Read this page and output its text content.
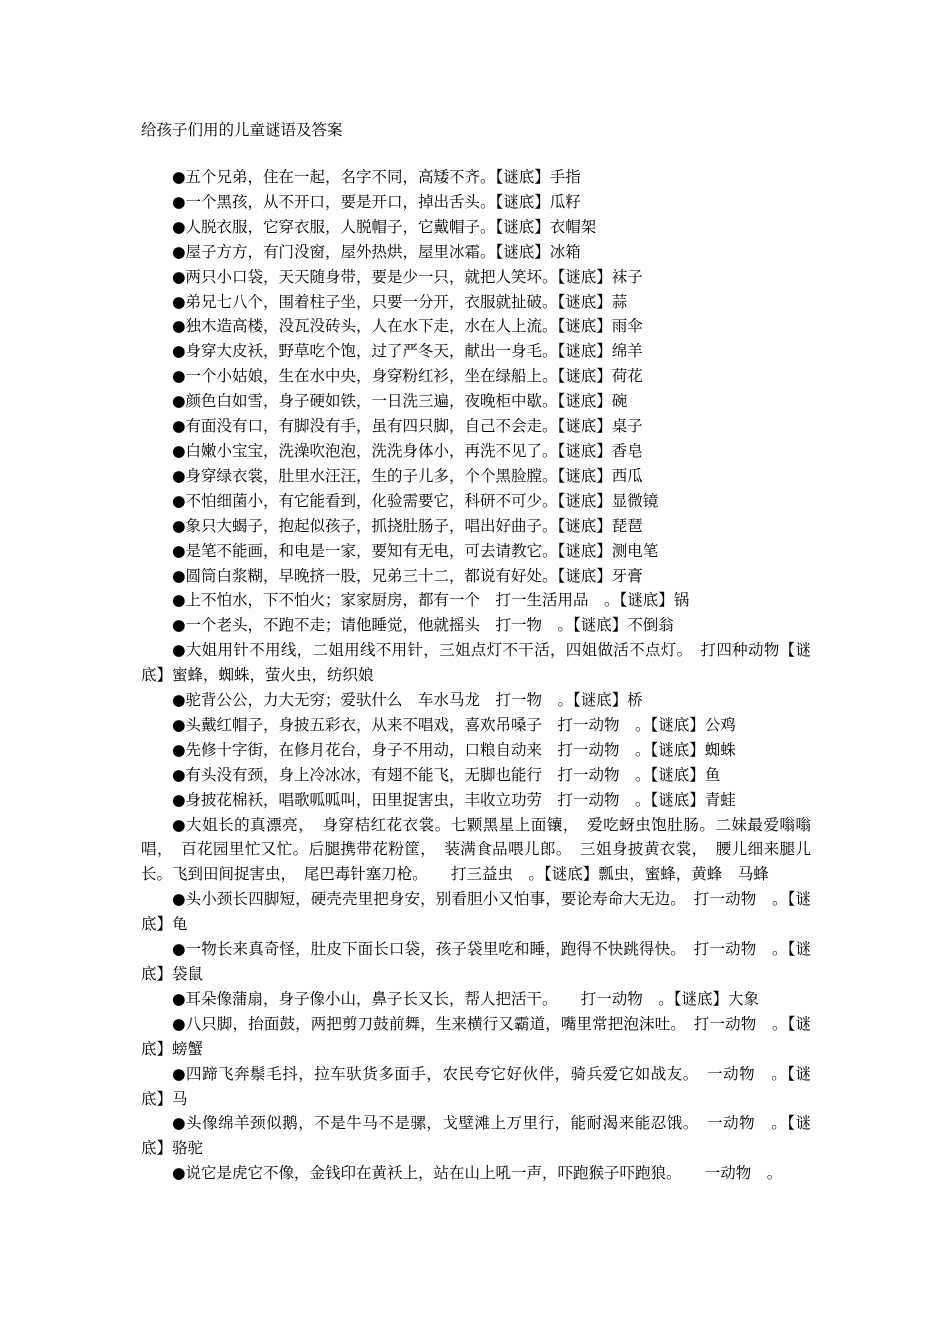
给孩子们用的儿童谜语及答案

●五个兄弟，住在一起，名字不同，高矮不齐。【谜底】手指

●一个黑孩，从不开口，要是开口，掉出舌头。【谜底】瓜籽

●人脱衣服，它穿衣服，人脱帽子，它戴帽子。【谜底】衣帽架

●屋子方方，有门没窗，屋外热烘，屋里冰霜。【谜底】冰箱

●两只小口袋，天天随身带，要是少一只，就把人笑坏。【谜底】袜子

●弟兄七八个，围着柱子坐，只要一分开，衣服就扯破。【谜底】蒜

●独木造高楼，没瓦没砖头，人在水下走，水在人上流。【谜底】雨伞

●身穿大皮袄，野草吃个饱，过了严冬天，献出一身毛。【谜底】绵羊

●一个小姑娘，生在水中央，身穿粉红衫，坐在绿船上。【谜底】荷花

●颜色白如雪，身子硬如铁，一日洗三遍，夜晚柜中歇。【谜底】碗

●有面没有口，有脚没有手，虽有四只脚，自己不会走。【谜底】桌子

●白嫩小宝宝，洗澡吹泡泡，洗洗身体小，再洗不见了。【谜底】香皂

●身穿绿衣裳，肚里水汪汪，生的子儿多，个个黑脸膛。【谜底】西瓜

●不怕细菌小，有它能看到，化验需要它，科研不可少。【谜底】显微镜

●象只大蝎子，抱起似孩子，抓挠肚肠子，唱出好曲子。【谜底】琵琶

●是笔不能画，和电是一家，要知有无电，可去请教它。【谜底】测电笔

●圆筒白浆糊，早晚挤一股，兄弟三十二，都说有好处。【谜底】牙膏

●上不怕水，下不怕火；家家厨房，都有一个　打一生活用品　。【谜底】锅

●一个老头，不跑不走；请他睡觉，他就摇头　打一物　。【谜底】不倒翁

●大姐用针不用线，二姐用线不用针，三姐点灯不干活，四姐做活不点灯。　打四种动物【谜底】蜜蜂，蜘蛛，萤火虫，纺织娘

●驼背公公，力大无穷；爱驮什么　车水马龙　打一物　。【谜底】桥

●头戴红帽子，身披五彩衣，从来不唱戏，喜欢吊嗓子　打一动物　。【谜底】公鸡

●先修十字街，在修月花台，身子不用动，口粮自动来　打一动物　。【谜底】蜘蛛

●有头没有颈，身上冷冰冰，有翅不能飞，无脚也能行　打一动物　。【谜底】鱼

●身披花棉袄，唱歌呱呱叫，田里捉害虫，丰收立功劳　打一动物　。【谜底】青蛙

●大姐长的真漂亮，　身穿桔红花衣裳。七颗黑星上面镶，　爱吃蚜虫饱肚肠。二妹最爱嗡嗡唱，　百花园里忙又忙。后腿携带花粉筐，　装满食品喂儿郎。　三姐身披黄衣裳，　腰儿细来腿儿长。飞到田间捉害虫，　尾巴毒针塞刀枪。　　打三益虫　。【谜底】瓢虫，蜜蜂，黄蜂　马蜂

●头小颈长四脚短，硬壳壳里把身安，别看胆小又怕事，要论寿命大无边。　打一动物　。【谜底】龟

●一物长来真奇怪，肚皮下面长口袋，孩子袋里吃和睡，跑得不快跳得快。　打一动物　。【谜底】袋鼠

●耳朵像蒲扇，身子像小山，鼻子长又长，帮人把活干。　　打一动物　。【谜底】大象

●八只脚，抬面鼓，两把剪刀鼓前舞，生来横行又霸道，嘴里常把泡沫吐。　打一动物　。【谜底】螃蟹

●四蹄飞奔鬃毛抖，拉车驮货多面手，农民夸它好伙伴，骑兵爱它如战友。　一动物　。【谜底】马

●头像绵羊颈似鹅，不是牛马不是骡，戈壁滩上万里行，能耐渴来能忍饿。　一动物　。【谜底】骆驼

●说它是虎它不像，金钱印在黄袄上，站在山上吼一声，吓跑猴子吓跑狼。　　一动物　。
